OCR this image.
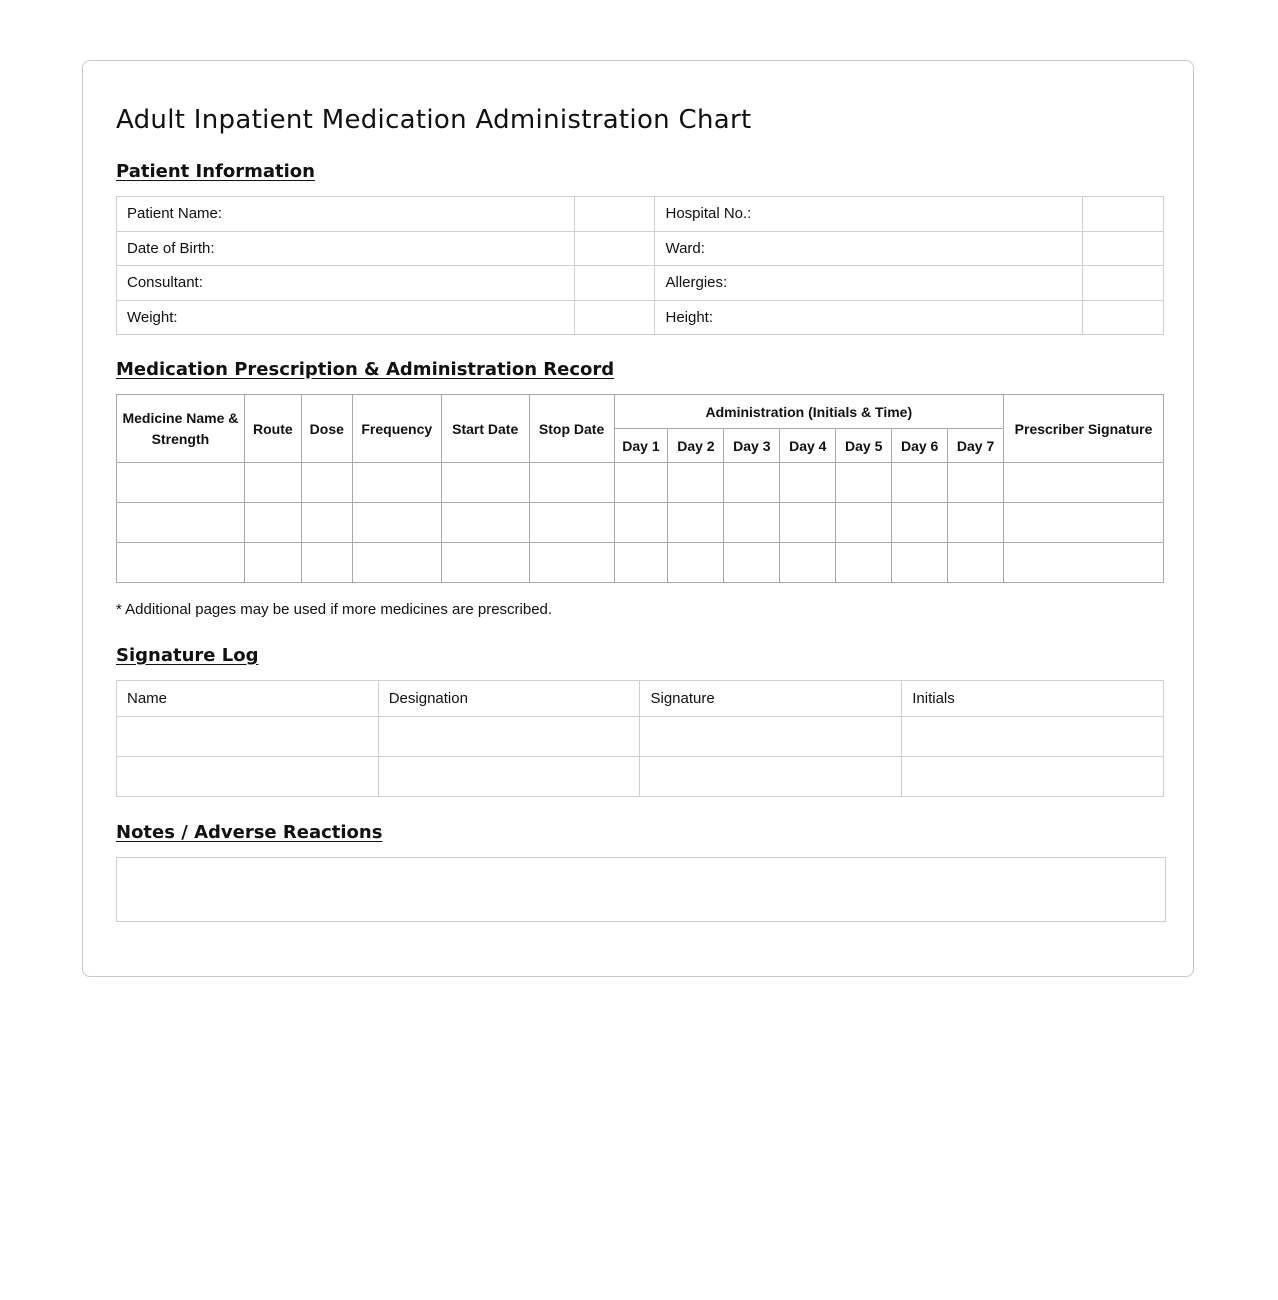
Adult Inpatient Medication Administration Chart
Patient Information
Patient Name:		Hospital No.:	
Date of Birth:		Ward:	
Consultant:		Allergies:	
Weight:		Height:	
Medication Prescription & Administration Record
Medicine Name & Strength	Route	Dose	Frequency	Start Date	Stop Date	Administration (Initials & Time)							Prescriber Signature
						Day 1	Day 2	Day 3	Day 4	Day 5	Day 6	Day 7	

* Additional pages may be used if more medicines are prescribed.
Signature Log
Name	Designation	Signature	Initials

Notes / Adverse Reactions
